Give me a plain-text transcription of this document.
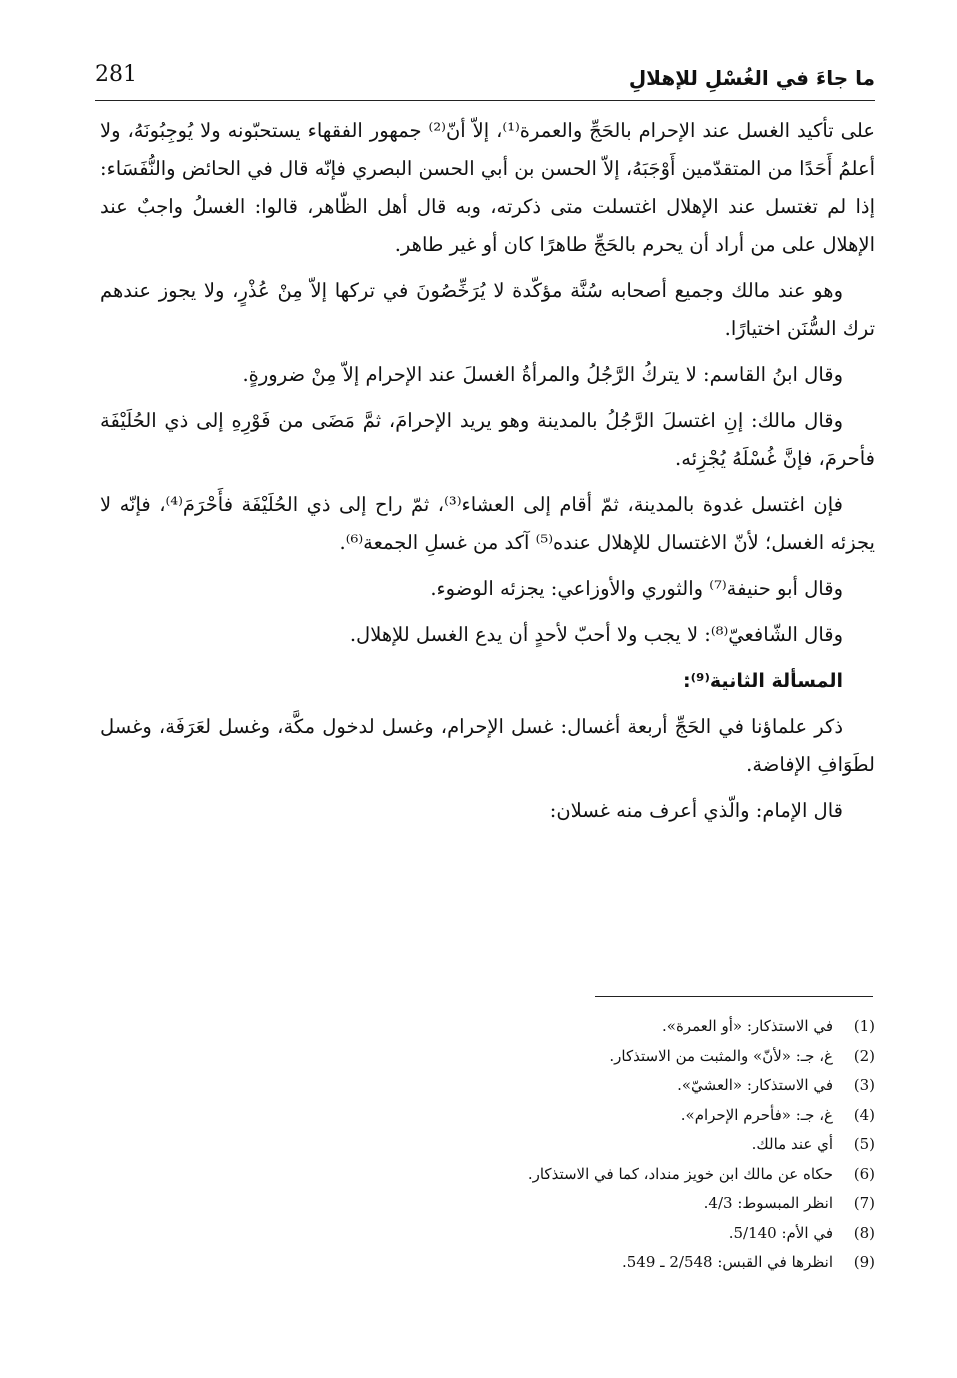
ما جاءَ في الغُسْلِ للإهلالِ
281

على تأكيد الغسل عند الإحرام بالحَجِّ والعمرة⁽¹⁾، إلاّ أنّ⁽²⁾ جمهور الفقهاء يستحبّونه ولا يُوجِبُونَهُ، ولا أعلمُ أَحَدًا من المتقدّمين أَوْجَبَهُ، إلاّ الحسن بن أبي الحسن البصري فإنّه قال في الحائض والنُّفَسَاء: إذا لم تغتسل عند الإهلال اغتسلت متى ذكرته، وبه قال أهل الظّاهر، قالوا: الغسلُ واجبٌ عند الإهلال على من أراد أن يحرم بالحَجِّ طاهرًا كان أو غير طاهر.

وهو عند مالك وجميع أصحابه سُنَّة مؤكّدة لا يُرَخِّصُونَ في تركها إلاّ مِنْ عُذْرٍ، ولا يجوز عندهم ترك السُّنَن اختيارًا.

وقال ابنُ القاسم: لا يتركُ الرَّجُلُ والمرأةُ الغسلَ عند الإحرام إلاّ مِنْ ضرورةٍ.

وقال مالك: إنِ اغتسلَ الرَّجُلُ بالمدينة وهو يريد الإحرامَ، ثمَّ مَضَى من فَوْرِهِ إلى ذي الحُلَيْفَة فأحرمَ، فإنَّ غُسْلَهُ يُجْزِئه.

فإن اغتسل غدوة بالمدينة، ثمّ أقام إلى العشاء⁽³⁾، ثمّ راح إلى ذي الحُلَيْفَة فأَحْرَمَ⁽⁴⁾، فإنّه لا يجزئه الغسل؛ لأنّ الاغتسال للإهلال عنده⁽⁵⁾ آكد من غسلِ الجمعة⁽⁶⁾.

وقال أبو حنيفة⁽⁷⁾ والثوري والأوزاعي: يجزئه الوضوء.

وقال الشّافعيّ⁽⁸⁾: لا يجب ولا أحبّ لأحدٍ أن يدع الغسل للإهلال.

المسألة الثانية⁽⁹⁾:

ذكر علماؤنا في الحَجِّ أربعة أغسال: غسل الإحرام، وغسل لدخول مكَّة، وغسل لعَرَفَة، وغسل لطَوَافِ الإفاضة.

قال الإمام: والّذي أعرف منه غسلان:

(1)
في الاستذكار: «أو العمرة».
(2)
غ، جـ: «لأنّ» والمثبت من الاستذكار.
(3)
في الاستذكار: «العشيّ».
(4)
غ، جـ: «فأحرم الإحرام».
(5)
أي عند مالك.
(6)
حكاه عن مالك ابن خويز منداد، كما في الاستذكار.
(7)
انظر المبسوط: 4/3.
(8)
في الأم: 5/140.
(9)
انظرها في القبس: 2/548 ـ 549.
